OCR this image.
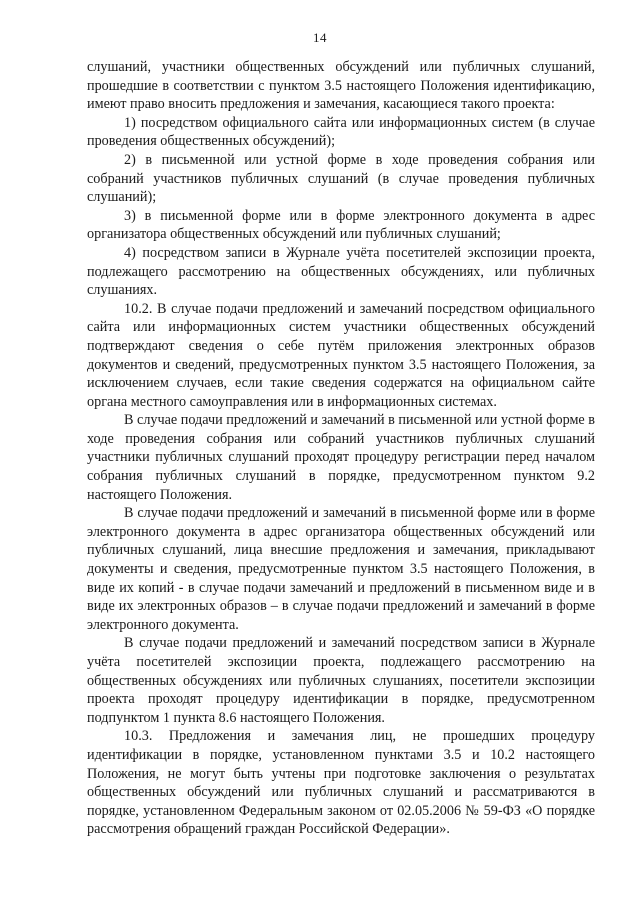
14

слушаний, участники общественных обсуждений или публичных слушаний, прошедшие в соответствии с пунктом 3.5 настоящего Положения идентификацию, имеют право вносить предложения и замечания, касающиеся такого проекта:

1) посредством официального сайта или информационных систем (в случае проведения общественных обсуждений);

2) в письменной или устной форме в ходе проведения собрания или собраний участников публичных слушаний (в случае проведения публичных слушаний);

3) в письменной форме или в форме электронного документа в адрес организатора общественных обсуждений или публичных слушаний;

4) посредством записи в Журнале учёта посетителей экспозиции проекта, подлежащего рассмотрению на общественных обсуждениях, или публичных слушаниях.

10.2. В случае подачи предложений и замечаний посредством официального сайта или информационных систем участники общественных обсуждений подтверждают сведения о себе путём приложения электронных образов документов и сведений, предусмотренных пунктом 3.5 настоящего Положения, за исключением случаев, если такие сведения содержатся на официальном сайте органа местного самоуправления или в информационных системах.

В случае подачи предложений и замечаний в письменной или устной форме в ходе проведения собрания или собраний участников публичных слушаний участники публичных слушаний проходят процедуру регистрации перед началом собрания публичных слушаний в порядке, предусмотренном пунктом 9.2 настоящего Положения.

В случае подачи предложений и замечаний в письменной форме или в форме электронного документа в адрес организатора общественных обсуждений или публичных слушаний, лица внесшие предложения и замечания, прикладывают документы и сведения, предусмотренные пунктом 3.5 настоящего Положения, в виде их копий - в случае подачи замечаний и предложений в письменном виде и в виде их электронных образов – в случае подачи предложений и замечаний в форме электронного документа.

В случае подачи предложений и замечаний посредством записи в Журнале учёта посетителей экспозиции проекта, подлежащего рассмотрению на общественных обсуждениях или публичных слушаниях, посетители экспозиции проекта проходят процедуру идентификации в порядке, предусмотренном подпунктом 1 пункта 8.6 настоящего Положения.

10.3. Предложения и замечания лиц, не прошедших процедуру идентификации в порядке, установленном пунктами 3.5 и 10.2 настоящего Положения, не могут быть учтены при подготовке заключения о результатах общественных обсуждений или публичных слушаний и рассматриваются в порядке, установленном Федеральным законом от 02.05.2006 № 59-ФЗ «О порядке рассмотрения обращений граждан Российской Федерации».
